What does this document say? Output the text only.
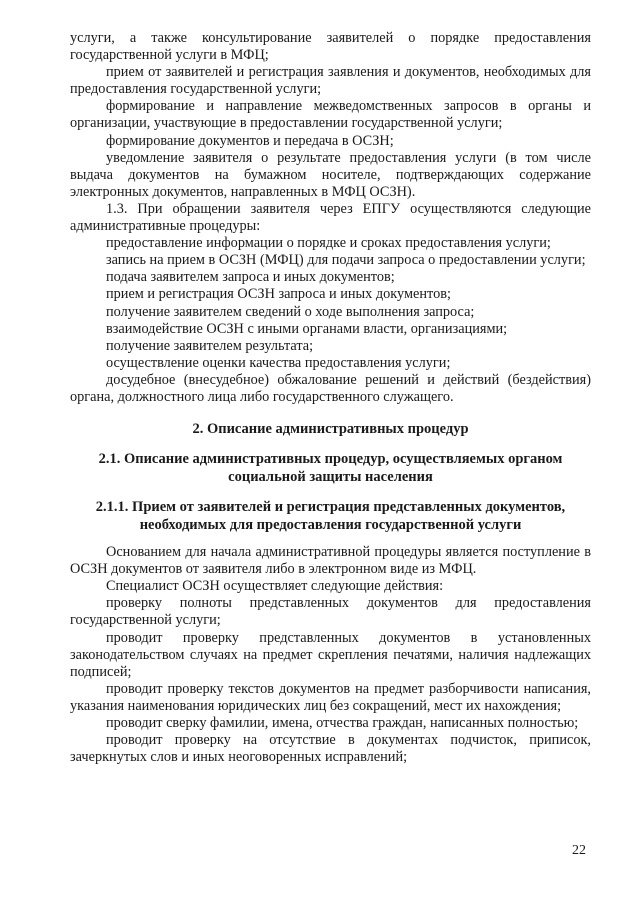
услуги, а также консультирование заявителей о порядке предоставления государственной услуги в МФЦ;

прием от заявителей и регистрация заявления и документов, необходимых для предоставления государственной услуги;

формирование и направление межведомственных запросов в органы и организации, участвующие в предоставлении государственной услуги;

формирование документов и передача в ОСЗН;

уведомление заявителя о результате предоставления услуги (в том числе выдача документов на бумажном носителе, подтверждающих содержание электронных документов, направленных в МФЦ ОСЗН).

1.3. При обращении заявителя через ЕПГУ осуществляются следующие административные процедуры:

предоставление информации о порядке и сроках предоставления услуги;

запись на прием в ОСЗН (МФЦ) для подачи запроса о предоставлении услуги;

подача заявителем запроса и иных документов;

прием и регистрация ОСЗН запроса и иных документов;

получение заявителем сведений о ходе выполнения запроса;

взаимодействие ОСЗН с иными органами власти, организациями;

получение заявителем результата;

осуществление оценки качества предоставления услуги;

досудебное (внесудебное) обжалование решений и действий (бездействия) органа, должностного лица либо государственного служащего.

2. Описание административных процедур

2.1. Описание административных процедур, осуществляемых органом социальной защиты населения

2.1.1. Прием от заявителей и регистрация представленных документов, необходимых для предоставления государственной услуги

Основанием для начала административной процедуры является поступление в ОСЗН документов от заявителя либо в электронном виде из МФЦ.

Специалист ОСЗН осуществляет следующие действия:

проверку полноты представленных документов для предоставления государственной услуги;

проводит проверку представленных документов в установленных законодательством случаях на предмет скрепления печатями, наличия надлежащих подписей;

проводит проверку текстов документов на предмет разборчивости написания, указания наименования юридических лиц без сокращений, мест их нахождения;

проводит сверку фамилии, имена, отчества граждан, написанных полностью;

проводит проверку на отсутствие в документах подчисток, приписок, зачеркнутых слов и иных неоговоренных исправлений;

22
